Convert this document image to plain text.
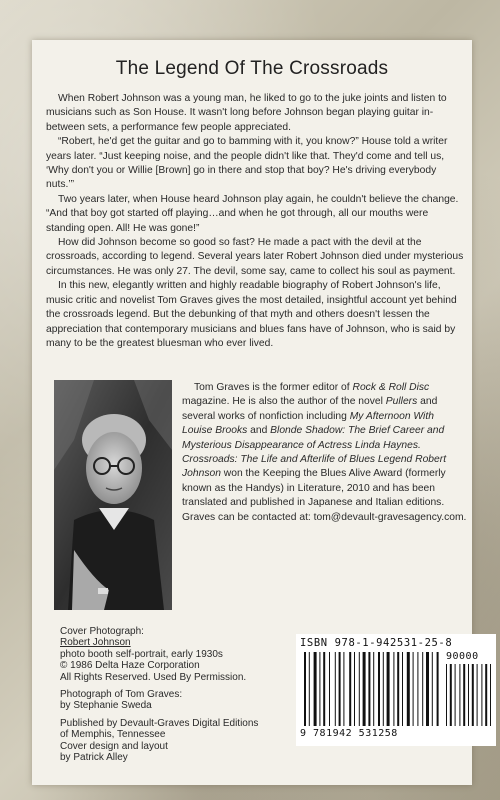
The Legend Of The Crossroads

When Robert Johnson was a young man, he liked to go to the juke joints and listen to musicians such as Son House. It wasn't long before Johnson began playing guitar in-between sets, a performance few people appreciated.

“Robert, he'd get the guitar and go to bamming with it, you know?” House told a writer years later. “Just keeping noise, and the people didn't like that. They'd come and tell us, ‘Why don't you or Willie [Brown] go in there and stop that boy? He's driving everybody nuts.’”

Two years later, when House heard Johnson play again, he couldn't believe the change. “And that boy got started off playing…and when he got through, all our mouths were standing open. All! He was gone!”

How did Johnson become so good so fast? He made a pact with the devil at the crossroads, according to legend. Several years later Robert Johnson died under mysterious circumstances. He was only 27. The devil, some say, came to collect his soul as payment.

In this new, elegantly written and highly readable biography of Robert Johnson's life, music critic and novelist Tom Graves gives the most detailed, insightful account yet behind the crossroads legend. But the debunking of that myth and others doesn't lessen the appreciation that contemporary musicians and blues fans have of Johnson, who is said by many to be the greatest bluesman who ever lived.

Tom Graves is the former editor of Rock & Roll Disc magazine. He is also the author of the novel Pullers and several works of nonfiction including My Afternoon With Louise Brooks and Blonde Shadow: The Brief Career and Mysterious Disappearance of Actress Linda Haynes. Crossroads: The Life and Afterlife of Blues Legend Robert Johnson won the Keeping the Blues Alive Award (formerly known as the Handys) in Literature, 2010 and has been translated and published in Japanese and Italian editions. Graves can be contacted at: tom@devault-gravesagency.com.

Cover Photograph:
Robert Johnson
photo booth self-portrait, early 1930s
© 1986 Delta Haze Corporation
All Rights Reserved. Used By Permission.
Photograph of Tom Graves:
by Stephanie Sweda
Published by Devault-Graves Digital Editions
of Memphis, Tennessee
Cover design and layout
by Patrick Alley
ISBN 978-1-942531-25-8
90000
9 781942 531258
